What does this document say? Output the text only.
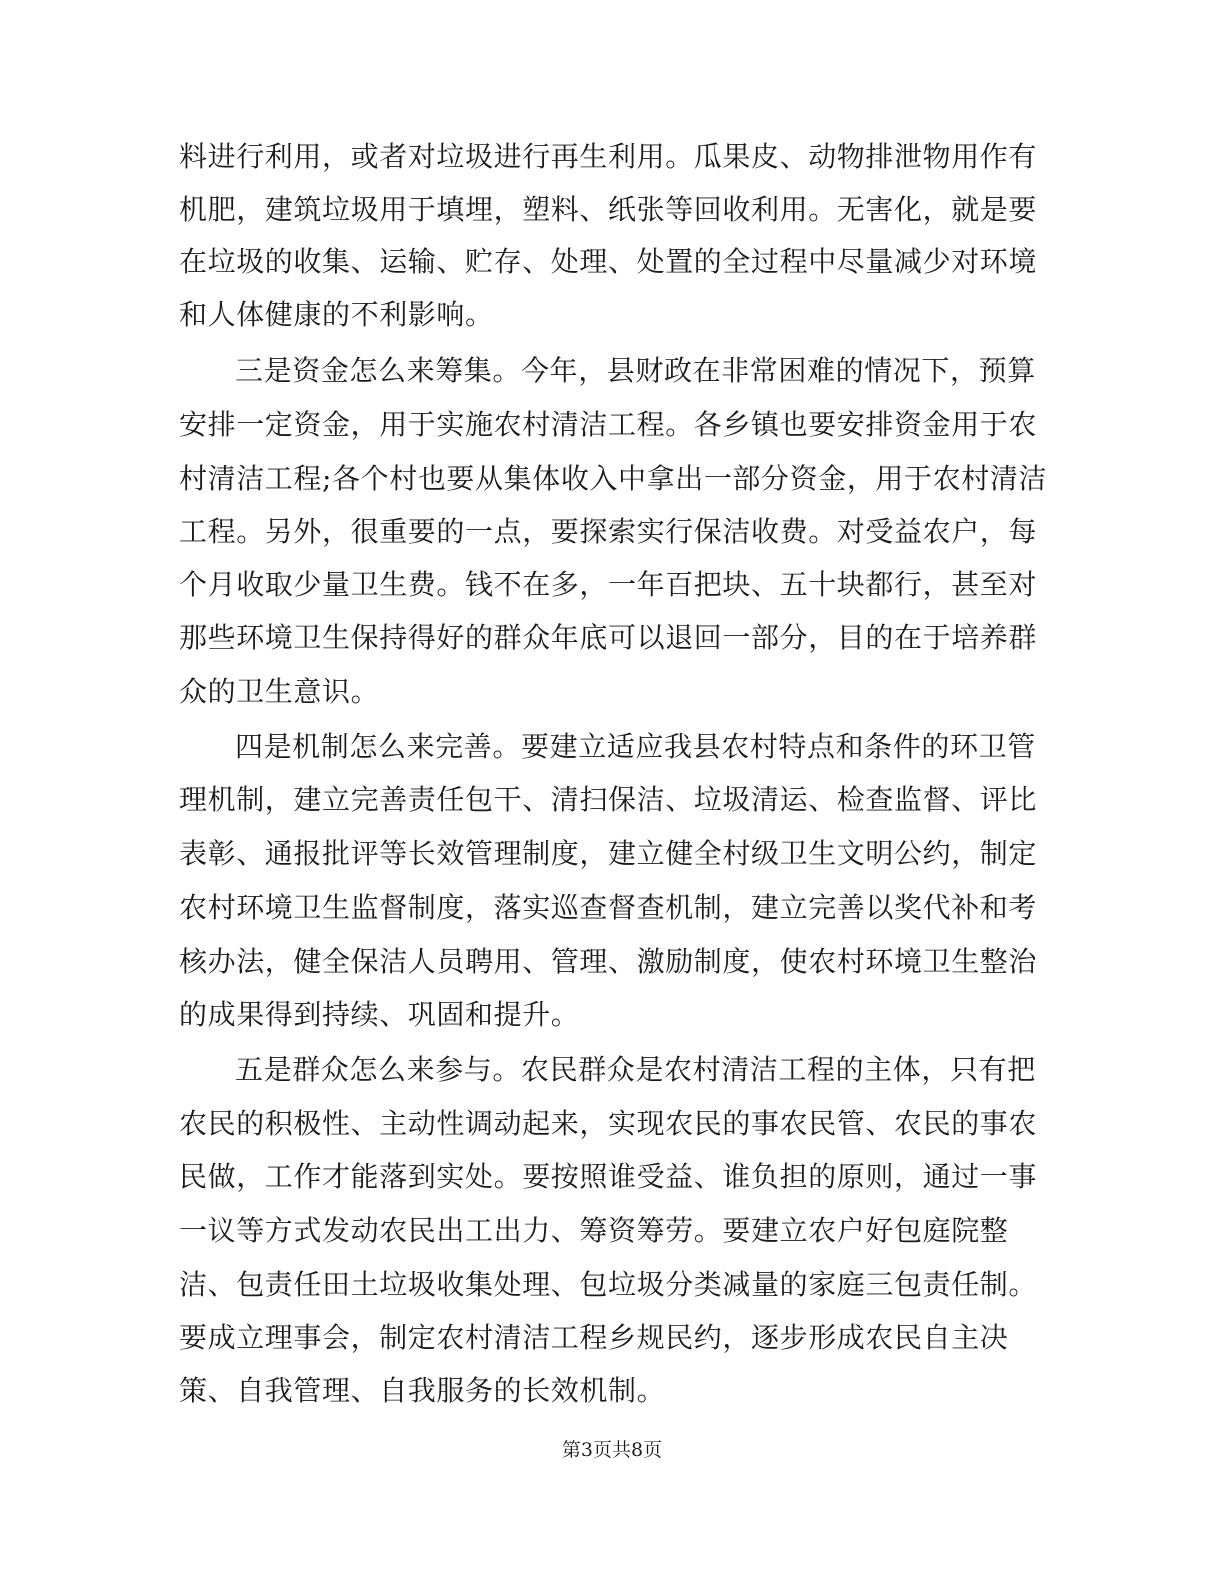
料进行利用，或者对垃圾进行再生利用。瓜果皮、动物排泄物用作有
机肥，建筑垃圾用于填埋，塑料、纸张等回收利用。无害化，就是要
在垃圾的收集、运输、贮存、处理、处置的全过程中尽量减少对环境
和人体健康的不利影响。
三是资金怎么来筹集。今年，县财政在非常困难的情况下，预算
安排一定资金，用于实施农村清洁工程。各乡镇也要安排资金用于农
村清洁工程;各个村也要从集体收入中拿出一部分资金，用于农村清洁
工程。另外，很重要的一点，要探索实行保洁收费。对受益农户，每
个月收取少量卫生费。钱不在多，一年百把块、五十块都行，甚至对
那些环境卫生保持得好的群众年底可以退回一部分，目的在于培养群
众的卫生意识。
四是机制怎么来完善。要建立适应我县农村特点和条件的环卫管
理机制，建立完善责任包干、清扫保洁、垃圾清运、检查监督、评比
表彰、通报批评等长效管理制度，建立健全村级卫生文明公约，制定
农村环境卫生监督制度，落实巡查督查机制，建立完善以奖代补和考
核办法，健全保洁人员聘用、管理、激励制度，使农村环境卫生整治
的成果得到持续、巩固和提升。
五是群众怎么来参与。农民群众是农村清洁工程的主体，只有把
农民的积极性、主动性调动起来，实现农民的事农民管、农民的事农
民做，工作才能落到实处。要按照谁受益、谁负担的原则，通过一事
一议等方式发动农民出工出力、筹资筹劳。要建立农户好包庭院整
洁、包责任田土垃圾收集处理、包垃圾分类减量的家庭三包责任制。
要成立理事会，制定农村清洁工程乡规民约，逐步形成农民自主决
策、自我管理、自我服务的长效机制。
第3页共8页
